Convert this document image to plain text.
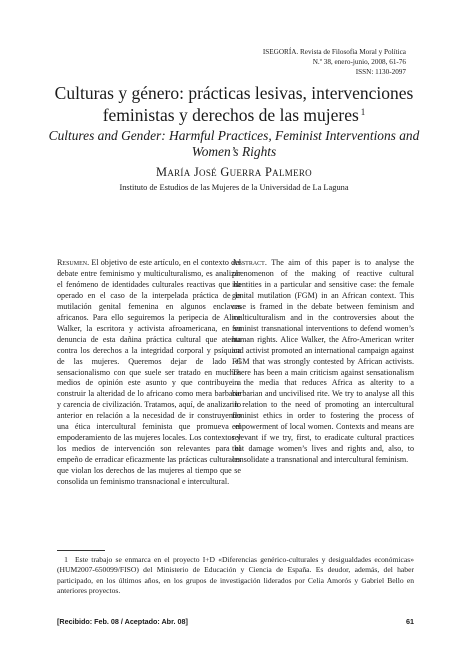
ISEGORÍA. Revista de Filosofía Moral y Política
N.º 38, enero-junio, 2008, 61-76
ISSN: 1130-2097
Culturas y género: prácticas lesivas, intervenciones feministas y derechos de las mujeres $^1$
Cultures and Gender: Harmful Practices, Feminist Interventions and Women’s Rights
María José Guerra Palmero
Instituto de Estudios de las Mujeres de la Universidad de La Laguna
Resumen. El objetivo de este artículo, en el contexto del debate entre feminismo y multiculturalismo, es analizar el fenómeno de identidades culturales reactivas que ha operado en el caso de la interpelada práctica de la mutilación genital femenina en algunos enclaves africanos. Para ello seguiremos la peripecia de Alice Walker, la escritora y activista afroamericana, en su denuncia de esta dañina práctica cultural que atenta contra los derechos a la integridad corporal y psíquica de las mujeres. Queremos dejar de lado el sensacionalismo con que suele ser tratado en muchos medios de opinión este asunto y que contribuye a construir la alteridad de lo africano como mera barbarie y carencia de civilización. Tratamos, aquí, de analizar lo anterior en relación a la necesidad de ir construyendo una ética intercultural feminista que promueva el empoderamiento de las mujeres locales. Los contextos y los medios de intervención son relevantes para el empeño de erradicar eficazmente las prácticas culturales que violan los derechos de las mujeres al tiempo que se consolida un feminismo transnacional e intercultural.
Abstract. The aim of this paper is to analyse the phenomenon of the making of reactive cultural identities in a particular and sensitive case: the female genital mutilation (FGM) in an African context. This case is framed in the debate between feminism and multiculturalism and in the controversies about the feminist transnational interventions to defend women’s human rights. Alice Walker, the Afro-American writer and activist promoted an international campaign against FGM that was strongly contested by African activists. There has been a main criticism against sensationalism in the media that reduces Africa as alterity to a barbarian and uncivilised rite. We try to analyse all this in relation to the need of promoting an intercultural feminist ethics in order to fostering the process of empowerment of local women. Contexts and means are relevant if we try, first, to eradicate cultural practices that damage women’s lives and rights and, also, to consolidate a transnational and intercultural feminism.
1 Este trabajo se enmarca en el proyecto I+D «Diferencias genérico-culturales y desigualdades económicas» (HUM2007-650099/FISO) del Ministerio de Educación y Ciencia de España. Es deudor, además, del haber participado, en los últimos años, en los grupos de investigación liderados por Celia Amorós y Gabriel Bello en anteriores proyectos.
[Recibido: Feb. 08 / Aceptado: Abr. 08]	61
